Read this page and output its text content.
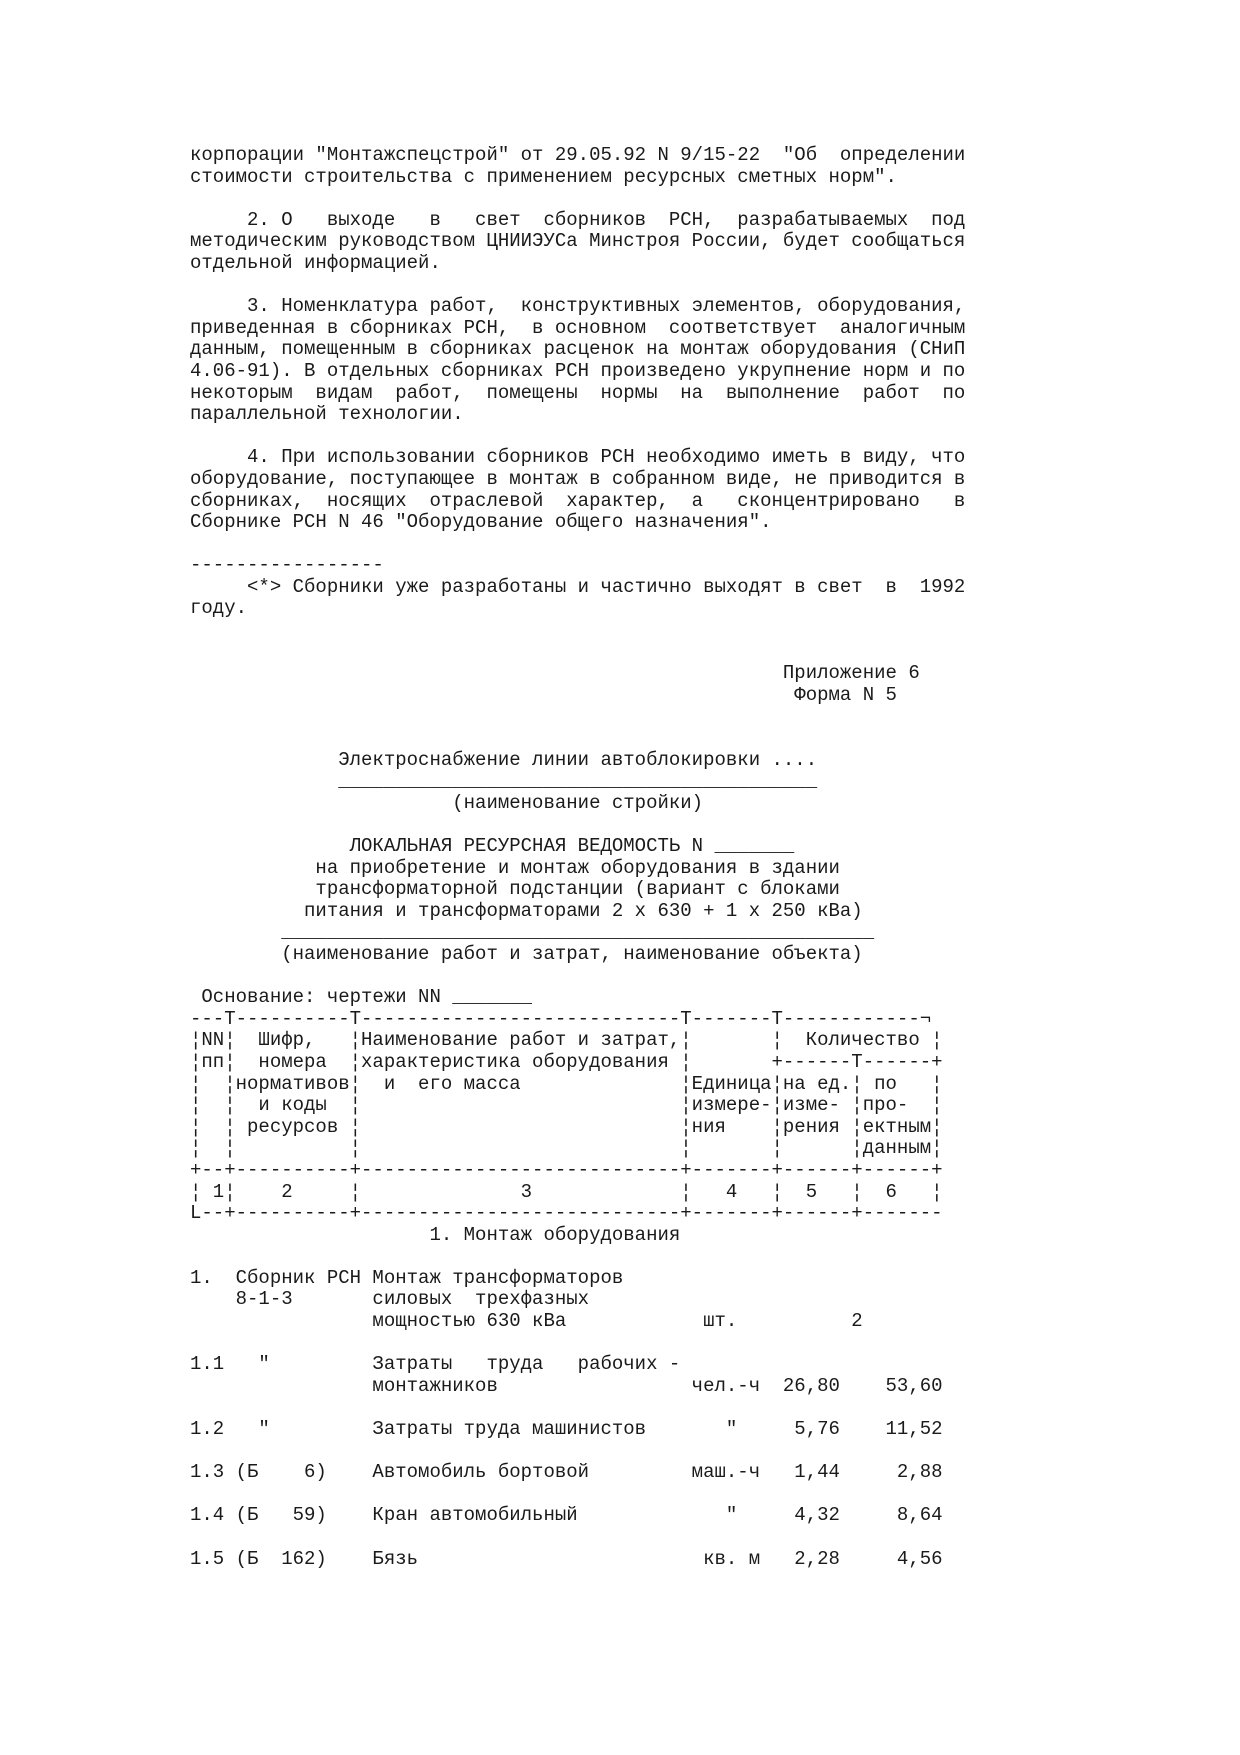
корпорации "Монтажспецстрой" от 29.05.92 N 9/15-22  "Об  определении
стоимости строительства с применением ресурсных сметных норм".

2. О   выходе   в   свет  сборников  РСН,  разрабатываемых  под
методическим руководством ЦНИИЭУСа Минстроя России, будет сообщаться
отдельной информацией.

3. Номенклатура работ,  конструктивных элементов, оборудования,
приведенная в сборниках РСН,  в основном  соответствует  аналогичным
данным, помещенным в сборниках расценок на монтаж оборудования (СНиП
4.06-91). В отдельных сборниках РСН произведено укрупнение норм и по
некоторым  видам  работ,  помещены  нормы  на  выполнение  работ  по
параллельной технологии.

4. При использовании сборников РСН необходимо иметь в виду, что
оборудование, поступающее в монтаж в собранном виде, не приводится в
сборниках,  носящих  отраслевой  характер,  а   сконцентрировано   в
Сборнике РСН N 46 "Оборудование общего назначения".

-----------------
<*> Сборники уже разработаны и частично выходят в свет  в  1992
году.

Приложение 6
Форма N 5

Электроснабжение линии автоблокировки ....
__________________________________________
(наименование стройки)

ЛОКАЛЬНАЯ РЕСУРСНАЯ ВЕДОМОСТЬ N _______
на приобретение и монтаж оборудования в здании
трансформаторной подстанции (вариант с блоками
питания и трансформаторами 2 x 630 + 1 x 250 кВа)
____________________________________________________
(наименование работ и затрат, наименование объекта)

Основание: чертежи NN _______
---T----------T----------------------------T-------T------------¬
¦NN¦  Шифр,   ¦Наименование работ и затрат,¦       ¦  Количество ¦
¦пп¦  номера  ¦характеристика оборудования ¦       +------T------+
¦  ¦нормативов¦  и  его масса              ¦Единица¦на ед.¦ по   ¦
¦  ¦  и коды  ¦                            ¦измере-¦изме- ¦про-  ¦
¦  ¦ ресурсов ¦                            ¦ния    ¦рения ¦ектным¦
¦  ¦          ¦                            ¦       ¦      ¦данным¦
+--+----------+----------------------------+-------+------+------+
¦ 1¦    2     ¦              3             ¦   4   ¦  5   ¦  6   ¦
L--+----------+----------------------------+-------+------+-------
1. Монтаж оборудования

1.  Сборник РСН Монтаж трансформаторов
8-1-3       силовых  трехфазных
мощностью 630 кВа            шт.          2

1.1   "         Затраты   труда   рабочих -
монтажников                 чел.-ч  26,80    53,60

1.2   "         Затраты труда машинистов       "     5,76    11,52

1.3 (Б    6)    Автомобиль бортовой         маш.-ч   1,44     2,88

1.4 (Б   59)    Кран автомобильный             "     4,32     8,64

1.5 (Б  162)    Бязь                         кв. м   2,28     4,56
